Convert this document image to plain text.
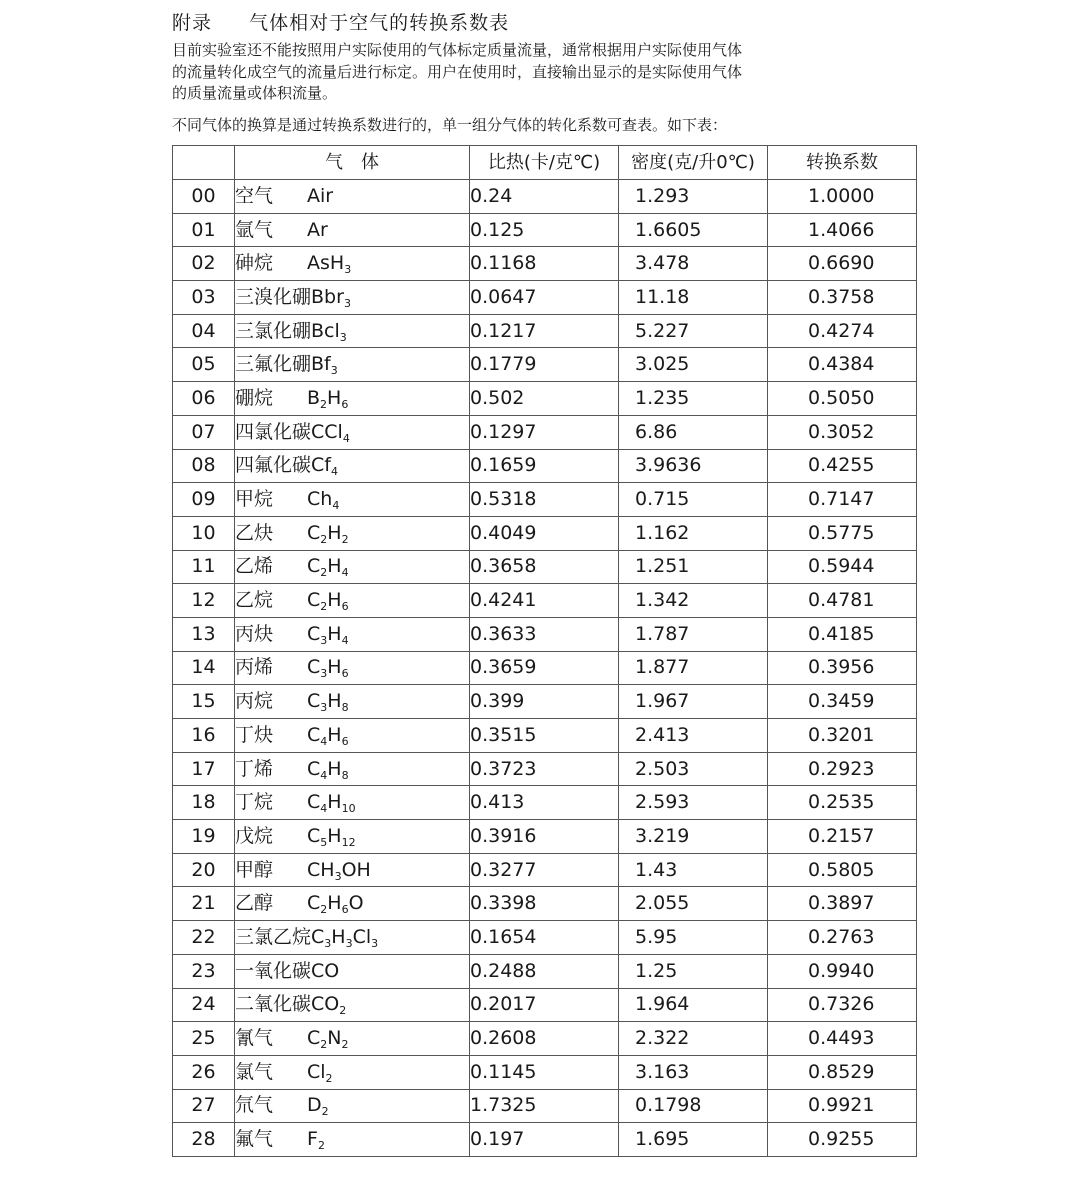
附录 气体相对于空气的转换系数表
目前实验室还不能按照用户实际使用的气体标定质量流量，通常根据用户实际使用气体
的流量转化成空气的流量后进行标定。用户在使用时，直接输出显示的是实际使用气体
的质量流量或体积流量。
不同气体的换算是通过转换系数进行的，单一组分气体的转化系数可查表。如下表：
	气　体	比热(卡/克℃)	密度(克/升0℃)	转换系数
00	空气 Air	0.24	1.293	1.0000
01	氩气 Ar	0.125	1.6605	1.4066
02	砷烷 AsH$_3$	0.1168	3.478	0.6690
03	三溴化硼Bbr$_3$	0.0647	11.18	0.3758
04	三氯化硼Bcl$_3$	0.1217	5.227	0.4274
05	三氟化硼$Bf_3$	0.1779	3.025	0.4384
06	硼烷 $B_2H_6$	0.502	1.235	0.5050
07	四氯化碳CCl$_4$	0.1297	6.86	0.3052
08	四氟化碳$Cf_4$	0.1659	3.9636	0.4255
09	甲烷 $Ch_4$	0.5318	0.715	0.7147
10	乙炔 $C_2H_2$	0.4049	1.162	0.5775
11	乙烯 $C_2H_4$	0.3658	1.251	0.5944
12	乙烷 $C_2H_6$	0.4241	1.342	0.4781
13	丙炔 $C_3H_4$	0.3633	1.787	0.4185
14	丙烯 $C_3H_6$	0.3659	1.877	0.3956
15	丙烷 $C_3H_8$	0.399	1.967	0.3459
16	丁炔 $C_4H_6$	0.3515	2.413	0.3201
17	丁烯 $C_4H_8$	0.3723	2.503	0.2923
18	丁烷 $C_4H_{10}$	0.413	2.593	0.2535
19	戊烷 $C_5H_{12}$	0.3916	3.219	0.2157
20	甲醇 $CH_3OH$	0.3277	1.43	0.5805
21	乙醇 $C_2H_6O$	0.3398	2.055	0.3897
22	三氯乙烷$C_3H_3Cl_3$	0.1654	5.95	0.2763
23	一氧化碳CO	0.2488	1.25	0.9940
24	二氧化碳$CO_2$	0.2017	1.964	0.7326
25	氰气 $C_2N_2$	0.2608	2.322	0.4493
26	氯气 $Cl_2$	0.1145	3.163	0.8529
27	氘气 $D_2$	1.7325	0.1798	0.9921
28	氟气 $F_2$	0.197	1.695	0.9255
